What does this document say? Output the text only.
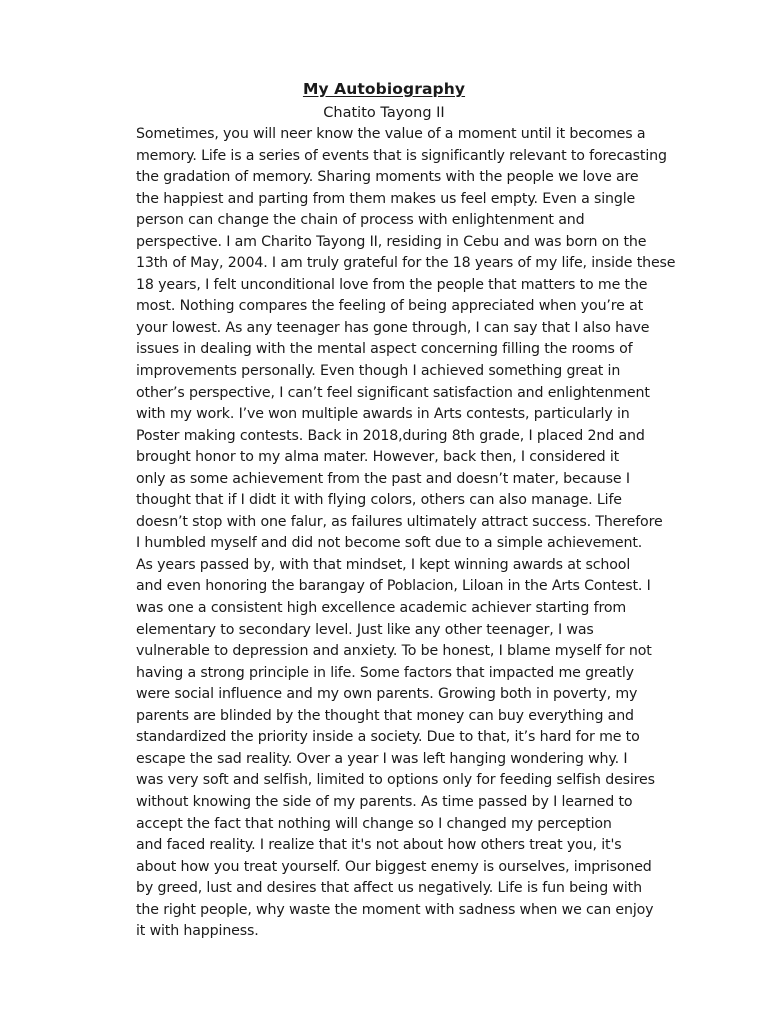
My Autobiography

Chatito Tayong II

Sometimes, you will neer know the value of a moment until it becomes a
memory. Life is a series of events that is significantly relevant to forecasting
the gradation of memory. Sharing moments with the people we love are
the happiest and parting from them makes us feel empty. Even a single
person can change the chain of process with enlightenment and
perspective. I am Charito Tayong II, residing in Cebu and was born on the
13th of May, 2004. I am truly grateful for the 18 years of my life, inside these
18 years, I felt unconditional love from the people that matters to me the
most. Nothing compares the feeling of being appreciated when you’re at
your lowest. As any teenager has gone through, I can say that I also have
issues in dealing with the mental aspect concerning filling the rooms of
improvements personally. Even though I achieved something great in
other’s perspective, I can’t feel significant satisfaction and enlightenment
with my work. I’ve won multiple awards in Arts contests, particularly in
Poster making contests. Back in 2018,during 8th grade, I placed 2nd and
brought honor to my alma mater. However, back then, I considered it
only as some achievement from the past and doesn’t mater, because I
thought that if I didt it with flying colors, others can also manage. Life
doesn’t stop with one falur, as failures ultimately attract success. Therefore
I humbled myself and did not become soft due to a simple achievement.
As years passed by, with that mindset, I kept winning awards at school
and even honoring the barangay of Poblacion, Liloan in the Arts Contest. I
was one a consistent high excellence academic achiever starting from
elementary to secondary level. Just like any other teenager, I was
vulnerable to depression and anxiety. To be honest, I blame myself for not
having a strong principle in life. Some factors that impacted me greatly
were social influence and my own parents. Growing both in poverty, my
parents are blinded by the thought that money can buy everything and
standardized the priority inside a society. Due to that, it’s hard for me to
escape the sad reality. Over a year I was left hanging wondering why. I
was very soft and selfish, limited to options only for feeding selfish desires
without knowing the side of my parents. As time passed by I learned to
accept the fact that nothing will change so I changed my perception
and faced reality. I realize that it's not about how others treat you, it's
about how you treat yourself. Our biggest enemy is ourselves, imprisoned
by greed, lust and desires that affect us negatively. Life is fun being with
the right people, why waste the moment with sadness when we can enjoy
it with happiness.
